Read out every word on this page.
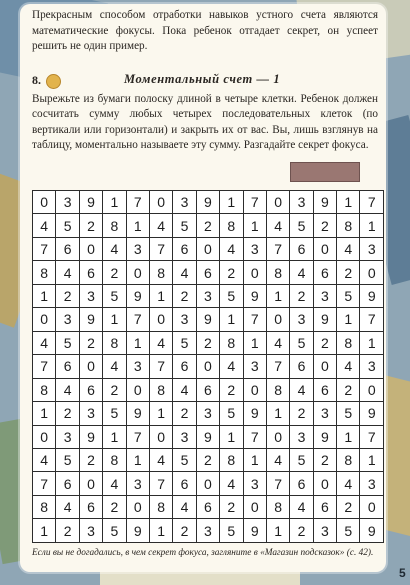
Прекрасным способом отработки навыков устного счета являются математические фокусы. Пока ребенок отгадает секрет, он успеет решить не один пример.

8.	Моментальный счет — 1

Вырежьте из бумаги полоску длиной в четыре клетки. Ребенок должен сосчитать сумму любых четырех последовательных клеток (по вертикали или горизонтали) и закрыть их от вас. Вы, лишь взглянув на таблицу, моментально называете эту сумму. Разгадайте секрет фокуса.

0	3	9	1	7	0	3	9	1	7	0	3	9	1	7
4	5	2	8	1	4	5	2	8	1	4	5	2	8	1
7	6	0	4	3	7	6	0	4	3	7	6	0	4	3
8	4	6	2	0	8	4	6	2	0	8	4	6	2	0
1	2	3	5	9	1	2	3	5	9	1	2	3	5	9
0	3	9	1	7	0	3	9	1	7	0	3	9	1	7
4	5	2	8	1	4	5	2	8	1	4	5	2	8	1
7	6	0	4	3	7	6	0	4	3	7	6	0	4	3
8	4	6	2	0	8	4	6	2	0	8	4	6	2	0
1	2	3	5	9	1	2	3	5	9	1	2	3	5	9
0	3	9	1	7	0	3	9	1	7	0	3	9	1	7
4	5	2	8	1	4	5	2	8	1	4	5	2	8	1
7	6	0	4	3	7	6	0	4	3	7	6	0	4	3
8	4	6	2	0	8	4	6	2	0	8	4	6	2	0
1	2	3	5	9	1	2	3	5	9	1	2	3	5	9
Если вы не догадались, в чем секрет фокуса, загляните в «Магазин подсказок» (с. 42).
5
